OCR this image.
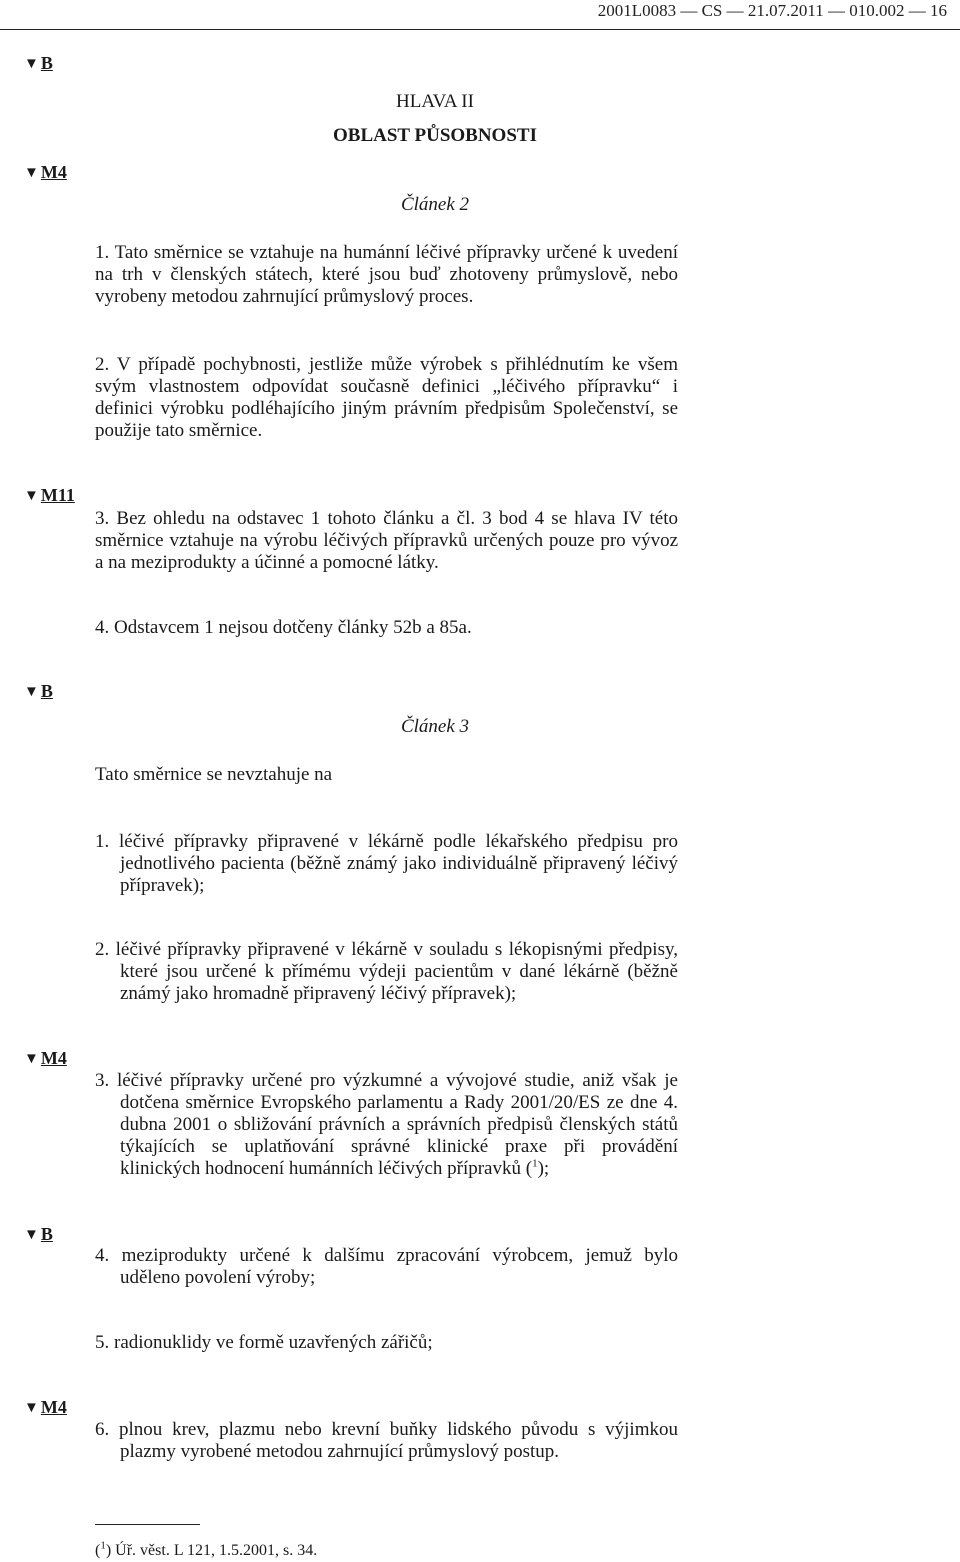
2001L0083 — CS — 21.07.2011 — 010.002 — 16
▼ B
▼ M4
▼ M11
▼ B
▼ M4
▼ B
▼ M4
HLAVA II
OBLAST PŮSOBNOSTI
Článek 2
1. Tato směrnice se vztahuje na humánní léčivé přípravky určené k uvedení na trh v členských státech, které jsou buď zhotoveny průmyslově, nebo vyrobeny metodou zahrnující průmyslový proces.
2. V případě pochybnosti, jestliže může výrobek s přihlédnutím ke všem svým vlastnostem odpovídat současně definici „léčivého přípravku“ i definici výrobku podléhajícího jiným právním předpisům Společenství, se použije tato směrnice.
3. Bez ohledu na odstavec 1 tohoto článku a čl. 3 bod 4 se hlava IV této směrnice vztahuje na výrobu léčivých přípravků určených pouze pro vývoz a na meziprodukty a účinné a pomocné látky.
4. Odstavcem 1 nejsou dotčeny články 52b a 85a.
Článek 3
Tato směrnice se nevztahuje na
1. léčivé přípravky připravené v lékárně podle lékařského předpisu pro jednotlivého pacienta (běžně známý jako individuálně připravený léčivý přípravek);
2. léčivé přípravky připravené v lékárně v souladu s lékopisnými předpisy, které jsou určené k přímému výdeji pacientům v dané lékárně (běžně známý jako hromadně připravený léčivý přípravek);
3. léčivé přípravky určené pro výzkumné a vývojové studie, aniž však je dotčena směrnice Evropského parlamentu a Rady 2001/20/ES ze dne 4. dubna 2001 o sbližování právních a správních předpisů členských států týkajících se uplatňování správné klinické praxe při provádění klinických hodnocení humánních léčivých přípravků ($^1$);
4. meziprodukty určené k dalšímu zpracování výrobcem, jemuž bylo uděleno povolení výroby;
5. radionuklidy ve formě uzavřených zářičů;
6. plnou krev, plazmu nebo krevní buňky lidského původu s výjimkou plazmy vyrobené metodou zahrnující průmyslový postup.
($^1$) Úř. věst. L 121, 1.5.2001, s. 34.
